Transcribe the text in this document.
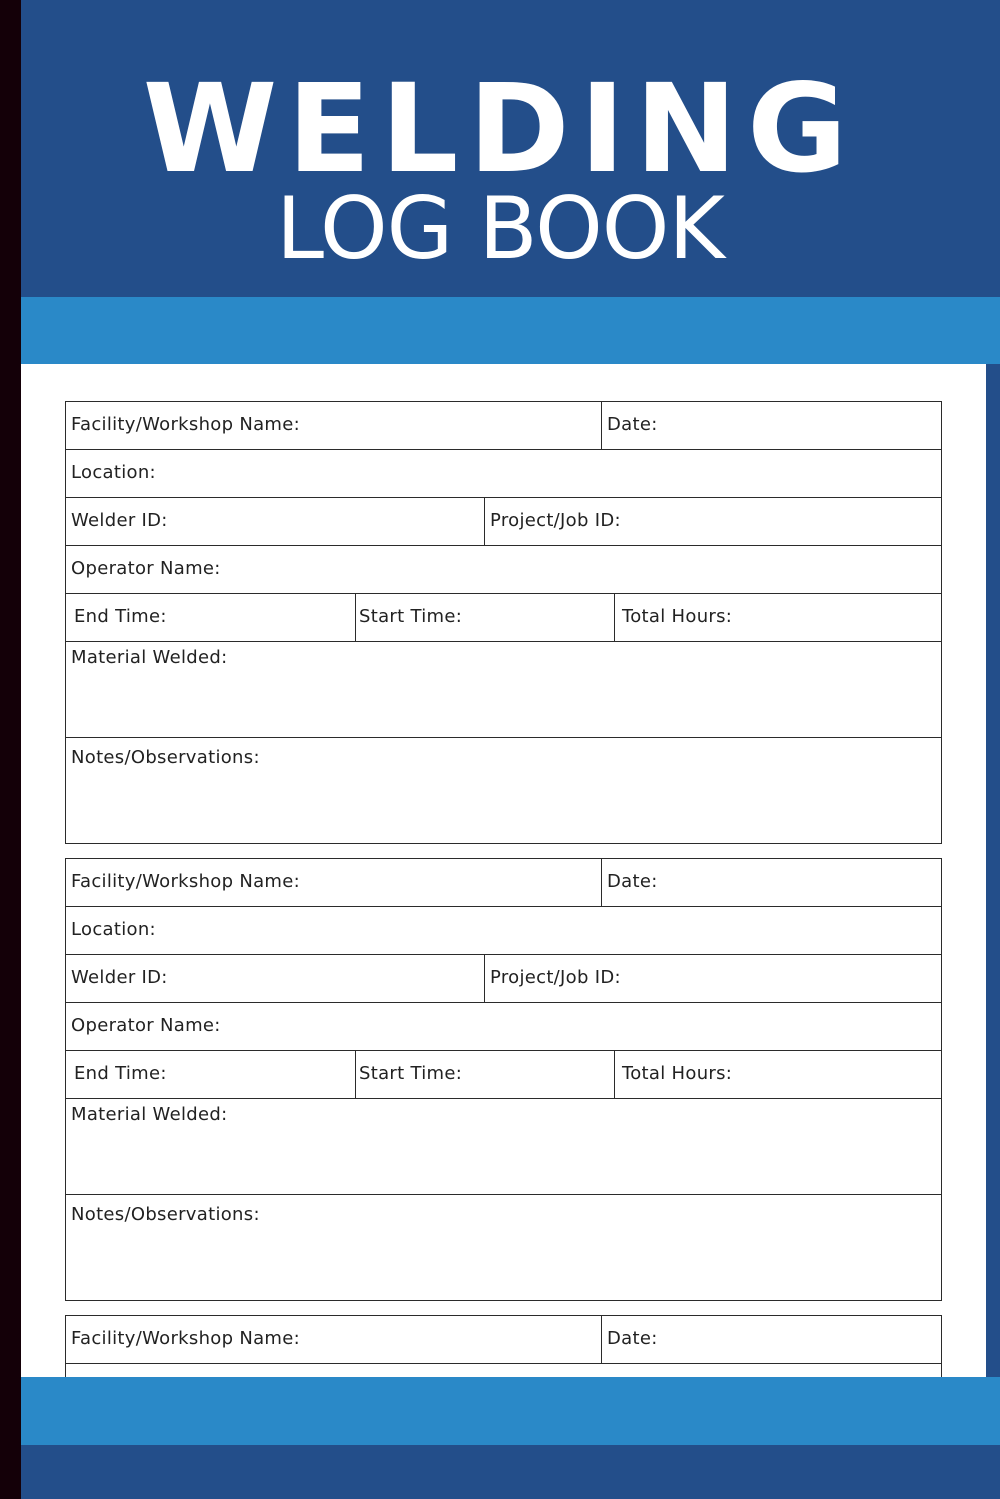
WELDING
LOG BOOK
Facility/Workshop Name:	Date:
Location:
Welder ID:	Project/Job ID:
Operator Name:
End Time:	Start Time:	Total Hours:
Material Welded:
Notes/Observations:
Facility/Workshop Name:	Date:
Location:
Welder ID:	Project/Job ID:
Operator Name:
End Time:	Start Time:	Total Hours:
Material Welded:
Notes/Observations:
Facility/Workshop Name:	Date:
